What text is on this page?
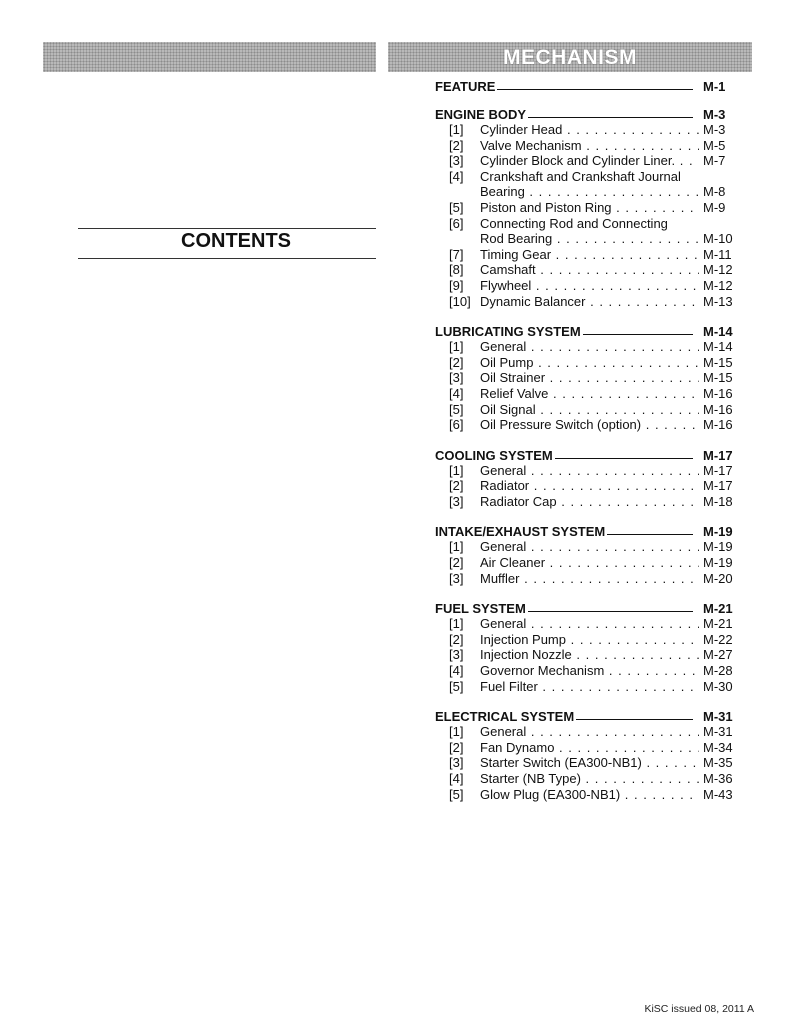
MECHANISM
CONTENTS
FEATURE	M-1
ENGINE BODY	M-3
[1]	Cylinder Head . . .	M-3
[2]	Valve Mechanism . . .	M-5
[3]	Cylinder Block and Cylinder Liner. . . .	M-7
[4]	Crankshaft and Crankshaft Journal
Bearing . . .	M-8
[5]	Piston and Piston Ring . . .	M-9
[6]	Connecting Rod and Connecting
Rod Bearing . . .	M-10
[7]	Timing Gear . . .	M-11
[8]	Camshaft . . .	M-12
[9]	Flywheel . . .	M-12
[10] Dynamic Balancer . . .	M-13
LUBRICATING SYSTEM	M-14
[1]	General . . .	M-14
[2]	Oil Pump . . .	M-15
[3]	Oil Strainer . . .	M-15
[4]	Relief Valve . . .	M-16
[5]	Oil Signal . . .	M-16
[6]	Oil Pressure Switch (option) . . .	M-16
COOLING SYSTEM	M-17
[1]	General . . .	M-17
[2]	Radiator . . .	M-17
[3]	Radiator Cap . . .	M-18
INTAKE/EXHAUST SYSTEM	M-19
[1]	General . . .	M-19
[2]	Air Cleaner . . .	M-19
[3]	Muffler . . .	M-20
FUEL SYSTEM	M-21
[1]	General . . .	M-21
[2]	Injection Pump . . .	M-22
[3]	Injection Nozzle . . .	M-27
[4]	Governor Mechanism . . .	M-28
[5]	Fuel Filter . . .	M-30
ELECTRICAL SYSTEM	M-31
[1]	General . . .	M-31
[2]	Fan Dynamo . . .	M-34
[3]	Starter Switch (EA300-NB1) . . .	M-35
[4]	Starter (NB Type) . . .	M-36
[5]	Glow Plug (EA300-NB1) . . .	M-43
KiSC issued 08, 2011 A
